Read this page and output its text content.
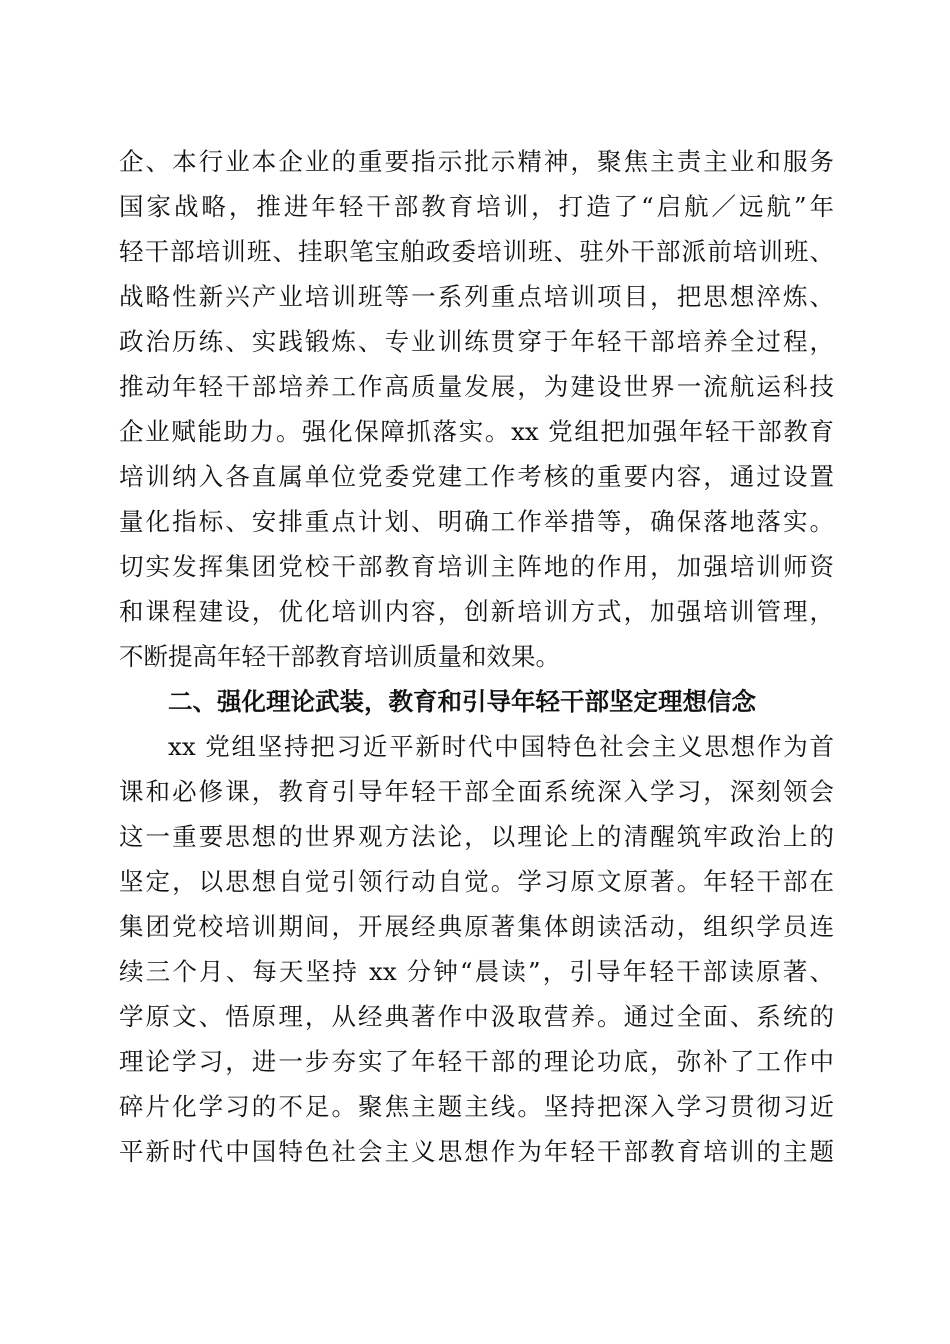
企、本行业本企业的重要指示批示精神，聚焦主责主业和服务
国家战略，推进年轻干部教育培训，打造了“启航／远航”年
轻干部培训班、挂职笔宝舶政委培训班、驻外干部派前培训班、
战略性新兴产业培训班等一系列重点培训项目，把思想淬炼、
政治历练、实践锻炼、专业训练贯穿于年轻干部培养全过程，
推动年轻干部培养工作高质量发展，为建设世界一流航运科技
企业赋能助力。强化保障抓落实。xx 党组把加强年轻干部教育
培训纳入各直属单位党委党建工作考核的重要内容，通过设置
量化指标、安排重点计划、明确工作举措等，确保落地落实。
切实发挥集团党校干部教育培训主阵地的作用，加强培训师资
和课程建设，优化培训内容，创新培训方式，加强培训管理，
不断提高年轻干部教育培训质量和效果。
二、强化理论武装，教育和引导年轻干部坚定理想信念
xx 党组坚持把习近平新时代中国特色社会主义思想作为首
课和必修课，教育引导年轻干部全面系统深入学习，深刻领会
这一重要思想的世界观方法论，以理论上的清醒筑牢政治上的
坚定，以思想自觉引领行动自觉。学习原文原著。年轻干部在
集团党校培训期间，开展经典原著集体朗读活动，组织学员连
续三个月、每天坚持 xx 分钟“晨读”，引导年轻干部读原著、
学原文、悟原理，从经典著作中汲取营养。通过全面、系统的
理论学习，进一步夯实了年轻干部的理论功底，弥补了工作中
碎片化学习的不足。聚焦主题主线。坚持把深入学习贯彻习近
平新时代中国特色社会主义思想作为年轻干部教育培训的主题
